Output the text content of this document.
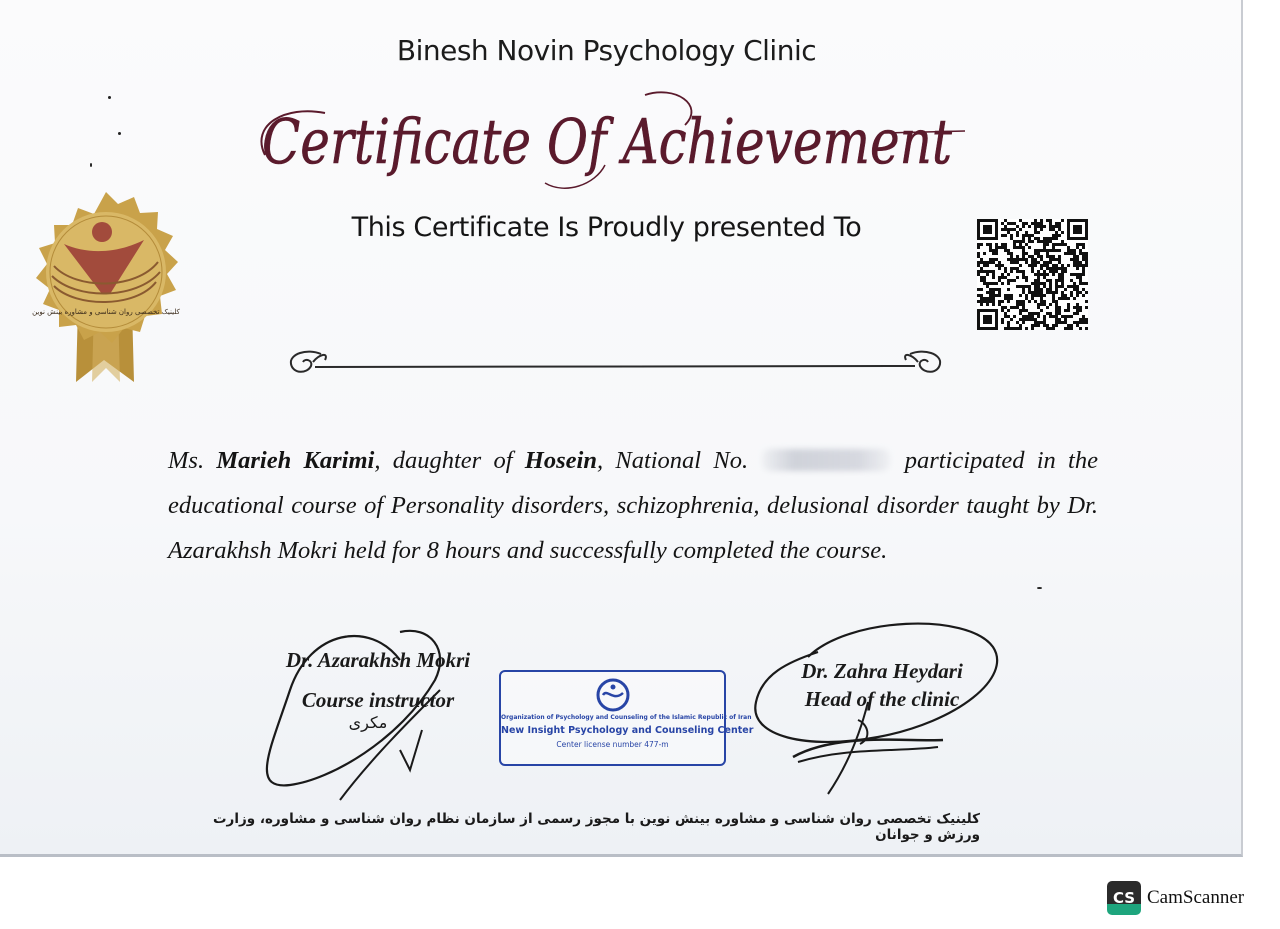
Binesh Novin Psychology Clinic
Certificate Of Achievement
This Certificate Is Proudly presented To
کلینیک تخصصی روان شناسی و مشاوره بینش نوین
Ms. Marieh Karimi, daughter of Hosein, National No.	participated in the educational course of Personality disorders, schizophrenia, delusional disorder taught by Dr. Azarakhsh Mokri held for 8 hours and successfully completed the course.
Dr. Azarakhsh Mokri
Course instructor
مکری	Organization of Psychology and Counseling of the Islamic Republic of Iran
New Insight Psychology and Counseling Center
Center license number 477-m
Dr. Zahra Heydari
Head of the clinic
کلینیک تخصصی روان شناسی و مشاوره بینش نوین با مجوز رسمی از سازمان نظام روان شناسی و مشاوره، وزارت ورزش و جوانان
CS CamScanner
